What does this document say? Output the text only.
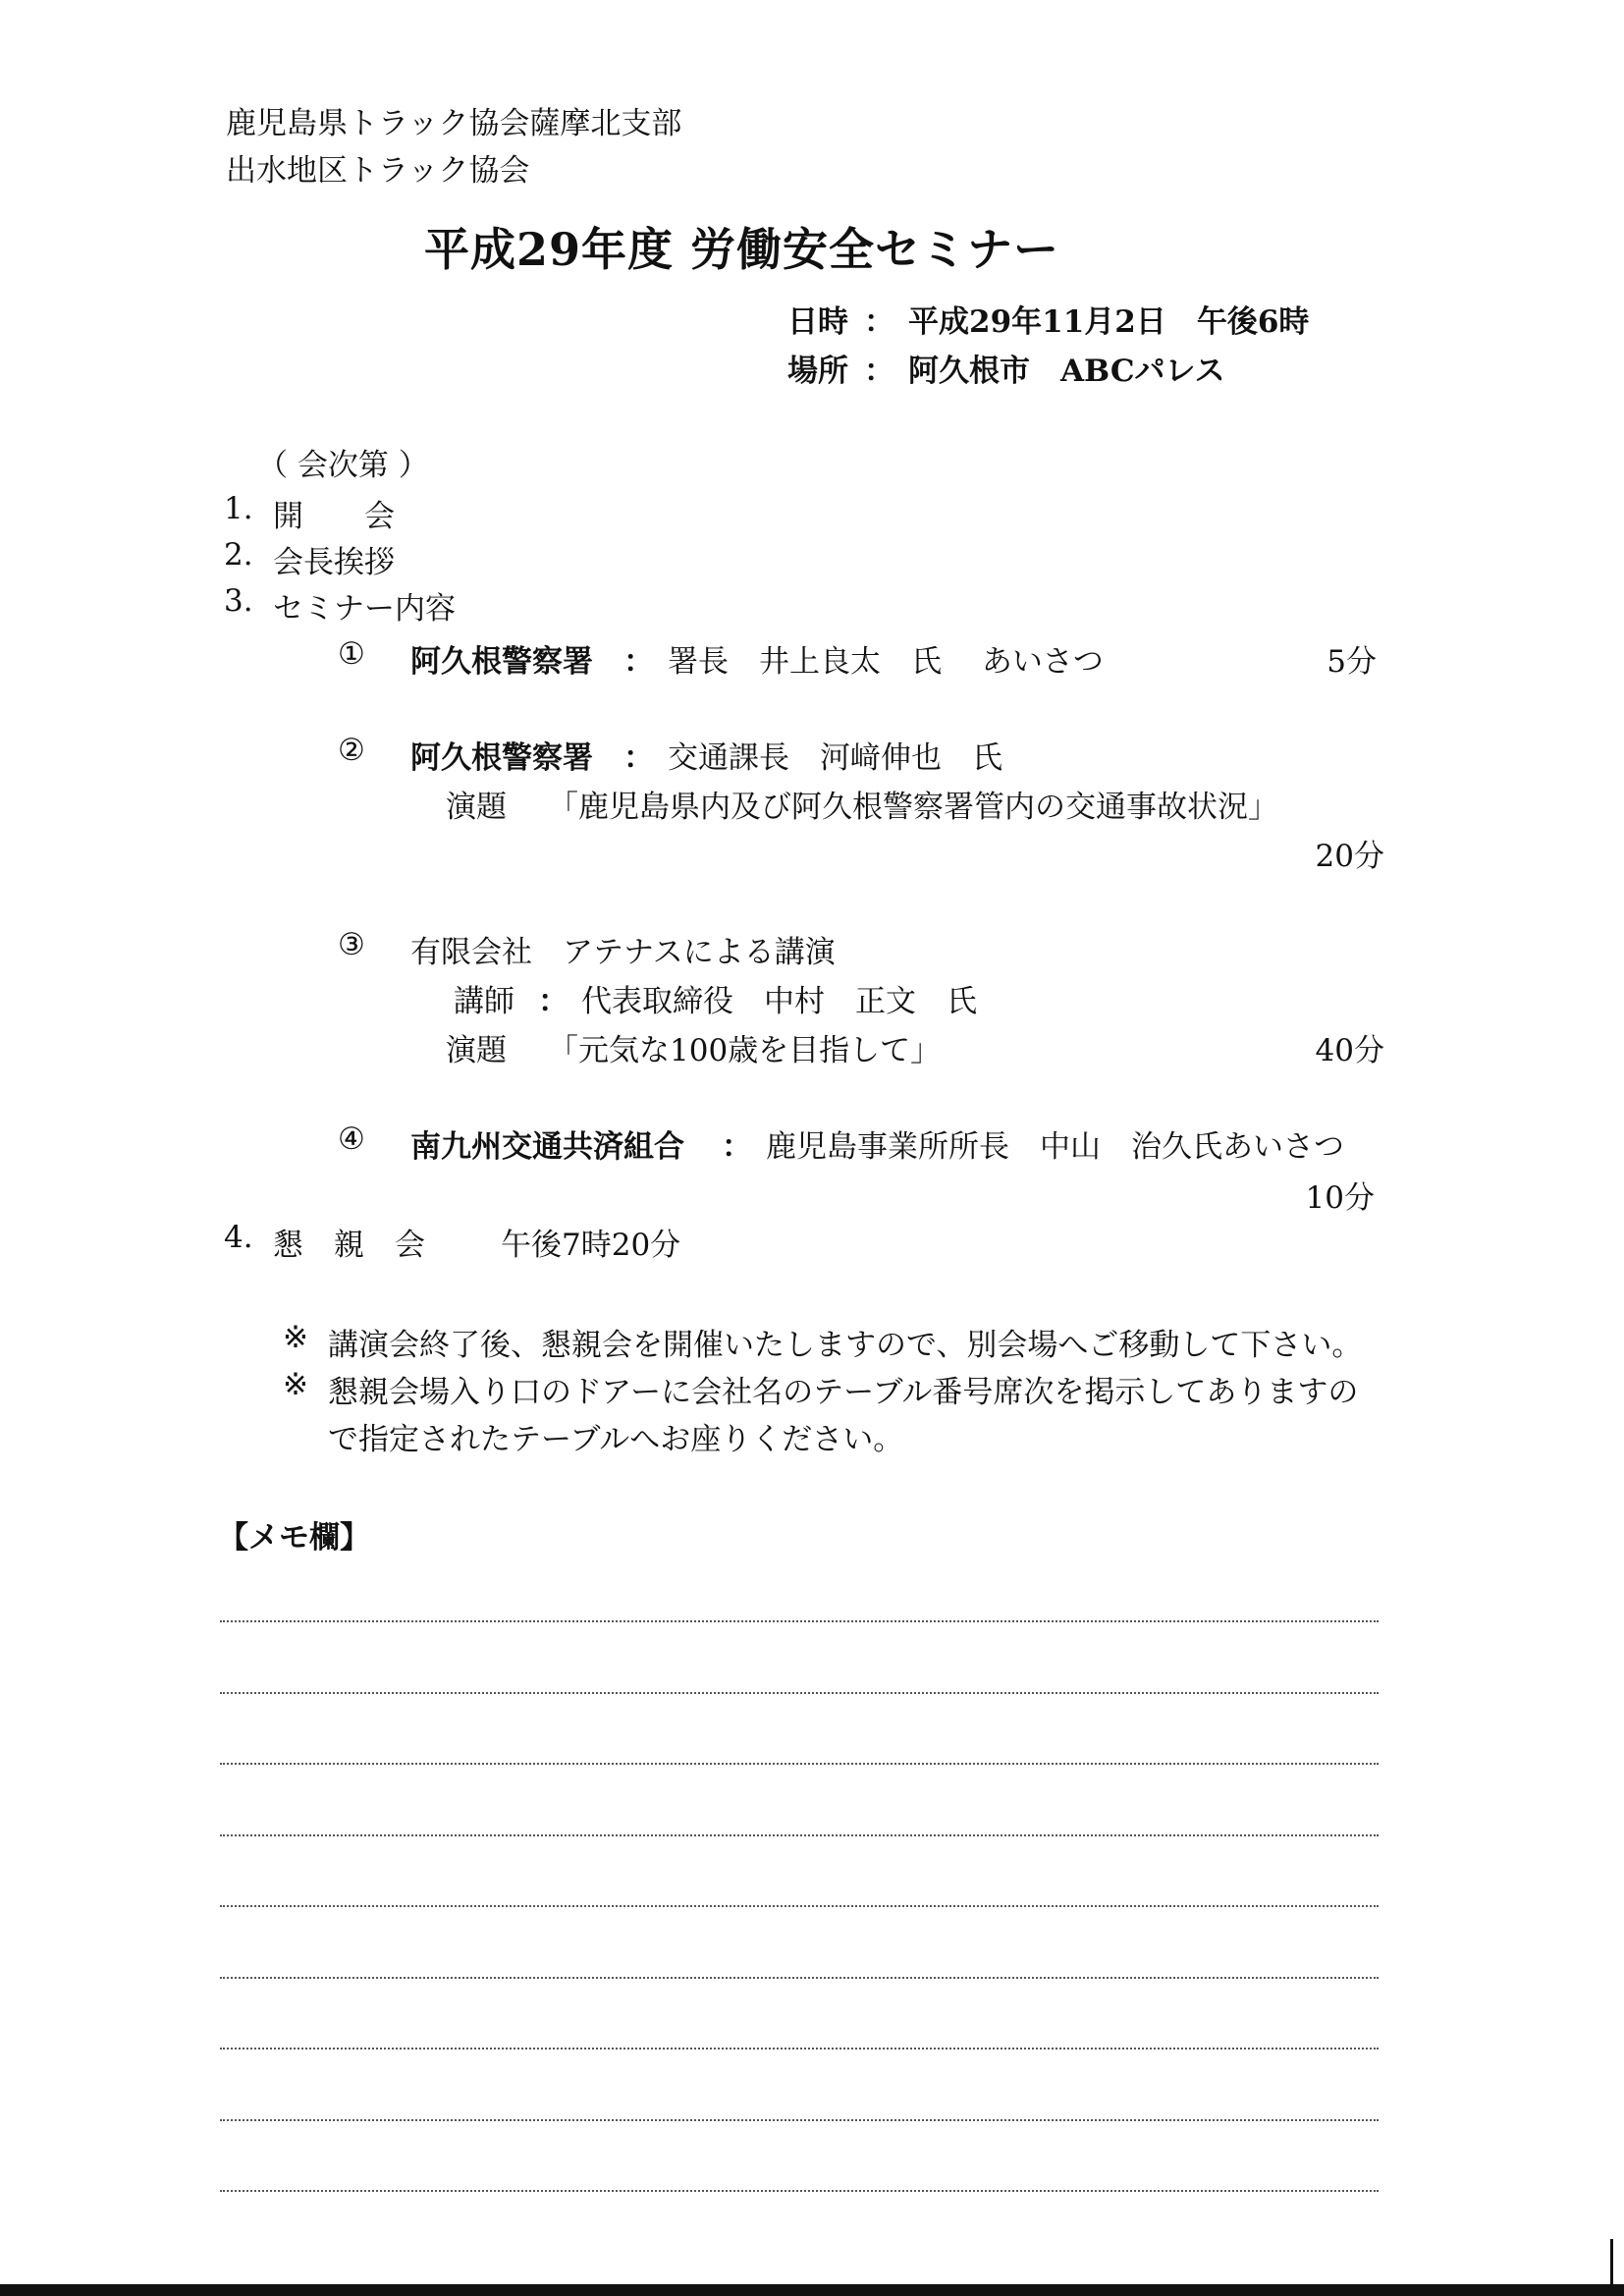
鹿児島県トラック協会薩摩北支部
出水地区トラック協会
平成29年度 労働安全セミナー
日時 ： 平成29年11月2日　午後6時
場所 ： 阿久根市　ABCパレス
（ 会次第 ）
1. 開　　会
2. 会長挨拶
3. セミナー内容
① 阿久根警察署 ： 署長　井上良太　氏　 あいさつ	5分
② 阿久根警察署 ： 交通課長　河﨑伸也　氏
演題 「鹿児島県内及び阿久根警察署管内の交通事故状況」
20分
③ 有限会社　アテナスによる講演
講師 ： 代表取締役　中村　正文　氏
演題 「元気な100歳を目指して」	40分
④ 南九州交通共済組合 ： 鹿児島事業所所長　中山　治久氏あいさつ
10分
4. 懇　親　会 午後7時20分
※ 講演会終了後、懇親会を開催いたしますので、別会場へご移動して下さい。
※ 懇親会場入り口のドアーに会社名のテーブル番号席次を掲示してありますの
で指定されたテーブルへお座りください。
【メモ欄】
